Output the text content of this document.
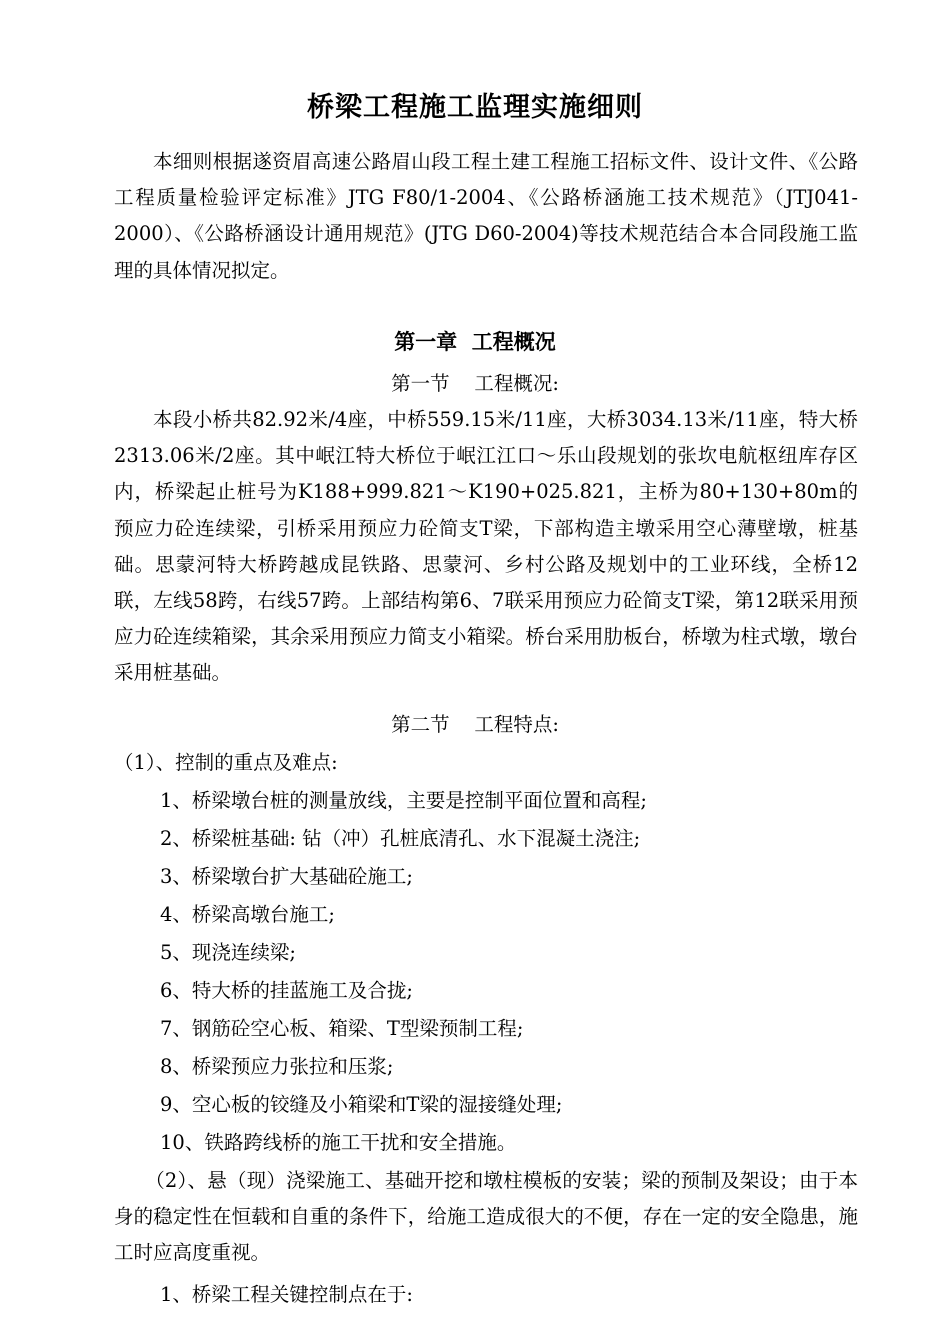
桥梁工程施工监理实施细则

本细则根据遂资眉高速公路眉山段工程土建工程施工招标文件、设计文件、《公路工程质量检验评定标准》JTG F80/1-2004、《公路桥涵施工技术规范》（JTJ041-2000）、《公路桥涵设计通用规范》(JTG D60-2004)等技术规范结合本合同段施工监理的具体情况拟定。

第一章  工程概况
第一节    工程概况:

本段小桥共82.92米/4座，中桥559.15米/11座，大桥3034.13米/11座，特大桥2313.06米/2座。其中岷江特大桥位于岷江江口～乐山段规划的张坎电航枢纽库存区内，桥梁起止桩号为K188+999.821～K190+025.821，主桥为80+130+80m的预应力砼连续梁，引桥采用预应力砼简支T梁，下部构造主墩采用空心薄壁墩，桩基础。思蒙河特大桥跨越成昆铁路、思蒙河、乡村公路及规划中的工业环线，全桥12联，左线58跨，右线57跨。上部结构第6、7联采用预应力砼简支T梁，第12联采用预应力砼连续箱梁，其余采用预应力简支小箱梁。桥台采用肋板台，桥墩为柱式墩，墩台采用桩基础。

第二节    工程特点:
（1）、控制的重点及难点:
1、桥梁墩台桩的测量放线，主要是控制平面位置和高程;
2、桥梁桩基础: 钻（冲）孔桩底清孔、水下混凝土浇注;
3、桥梁墩台扩大基础砼施工;
4、桥梁高墩台施工;
5、现浇连续梁;
6、特大桥的挂蓝施工及合拢;
7、钢筋砼空心板、箱梁、T型梁预制工程;
8、桥梁预应力张拉和压浆;
9、空心板的铰缝及小箱梁和T梁的湿接缝处理;
10、铁路跨线桥的施工干扰和安全措施。

（2）、悬（现）浇梁施工、基础开挖和墩柱模板的安装；梁的预制及架设；由于本身的稳定性在恒载和自重的条件下，给施工造成很大的不便，存在一定的安全隐患，施工时应高度重视。

1、桥梁工程关键控制点在于:
